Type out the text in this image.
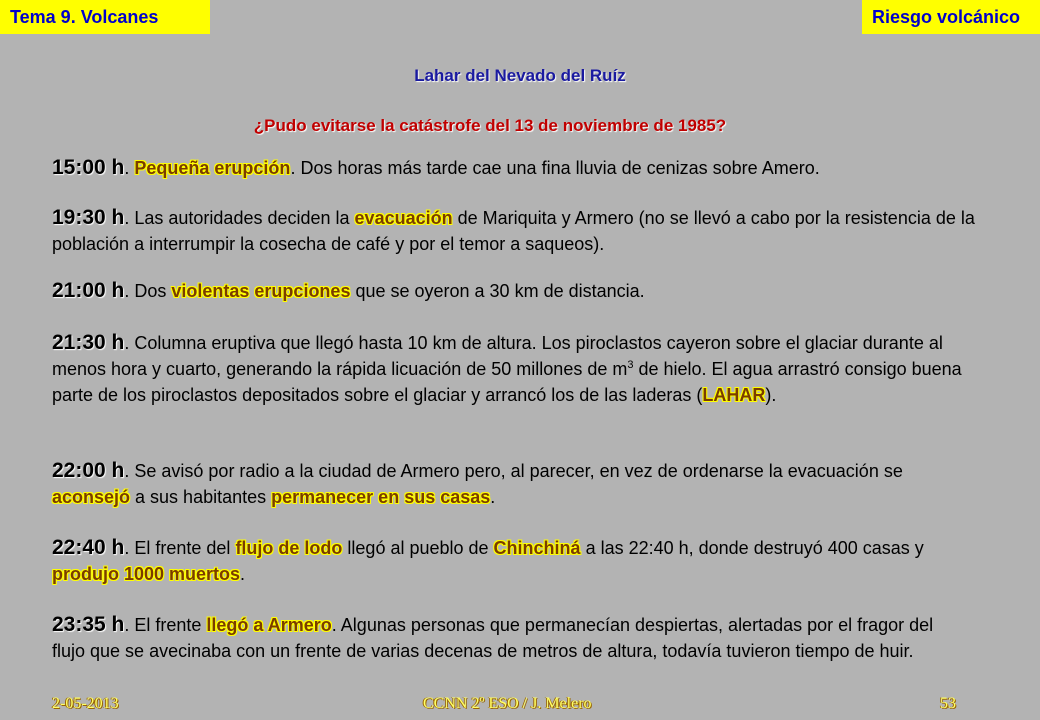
Tema 9. Volcanes	Riesgo volcánico
Lahar del Nevado del Ruíz
¿Pudo evitarse la catástrofe del 13 de noviembre de 1985?
15:00 h. Pequeña erupción. Dos horas más tarde cae una fina lluvia de cenizas sobre Amero.
19:30 h. Las autoridades deciden la evacuación de Mariquita y Armero (no se llevó a cabo por la resistencia de la población a interrumpir la cosecha de café y por el temor a saqueos).
21:00 h. Dos violentas erupciones que se oyeron a 30 km de distancia.
21:30 h. Columna eruptiva que llegó hasta 10 km de altura. Los piroclastos cayeron sobre el glaciar durante al menos hora y cuarto, generando la rápida licuación de 50 millones de $m^3$ de hielo. El agua arrastró consigo buena parte de los piroclastos depositados sobre el glaciar y arrancó los de las laderas (LAHAR).
22:00 h. Se avisó por radio a la ciudad de Armero pero, al parecer, en vez de ordenarse la evacuación se aconsejó a sus habitantes permanecer en sus casas.
22:40 h. El frente del flujo de lodo llegó al pueblo de Chinchiná a las 22:40 h, donde destruyó 400 casas y produjo 1000 muertos.
23:35 h. El frente llegó a Armero. Algunas personas que permanecían despiertas, alertadas por el fragor del flujo que se avecinaba con un frente de varias decenas de metros de altura, todavía tuvieron tiempo de huir.
2-05-2013	CCNN 2º ESO / J. Melero	53
